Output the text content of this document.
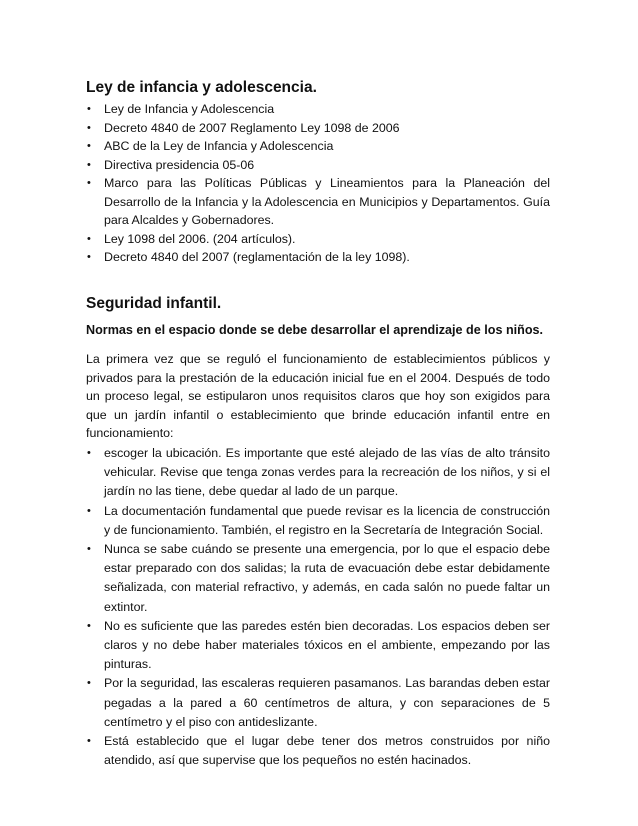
Ley de infancia y adolescencia.
• Ley de Infancia y Adolescencia
• Decreto 4840 de 2007 Reglamento Ley 1098 de 2006
• ABC de la Ley de Infancia y Adolescencia
• Directiva presidencia 05-06
• Marco para las Políticas Públicas y Lineamientos para la Planeación del Desarrollo de la Infancia y la Adolescencia en Municipios y Departamentos. Guía para Alcaldes y Gobernadores.
• Ley 1098 del 2006. (204 artículos).
• Decreto 4840 del 2007 (reglamentación de la ley 1098).
Seguridad infantil.

Normas en el espacio donde se debe desarrollar el aprendizaje de los niños.

La primera vez que se reguló el funcionamiento de establecimientos públicos y privados para la prestación de la educación inicial fue en el 2004. Después de todo un proceso legal, se estipularon unos requisitos claros que hoy son exigidos para que un jardín infantil o establecimiento que brinde educación infantil entre en funcionamiento:

• escoger la ubicación. Es importante que esté alejado de las vías de alto tránsito vehicular. Revise que tenga zonas verdes para la recreación de los niños, y si el jardín no las tiene, debe quedar al lado de un parque.
• La documentación fundamental que puede revisar es la licencia de construcción y de funcionamiento. También, el registro en la Secretaría de Integración Social.
• Nunca se sabe cuándo se presente una emergencia, por lo que el espacio debe estar preparado con dos salidas; la ruta de evacuación debe estar debidamente señalizada, con material refractivo, y además, en cada salón no puede faltar un extintor.
• No es suficiente que las paredes estén bien decoradas. Los espacios deben ser claros y no debe haber materiales tóxicos en el ambiente, empezando por las pinturas.
• Por la seguridad, las escaleras requieren pasamanos. Las barandas deben estar pegadas a la pared a 60 centímetros de altura, y con separaciones de 5 centímetro y el piso con antideslizante.
• Está establecido que el lugar debe tener dos metros construidos por niño atendido, así que supervise que los pequeños no estén hacinados.
